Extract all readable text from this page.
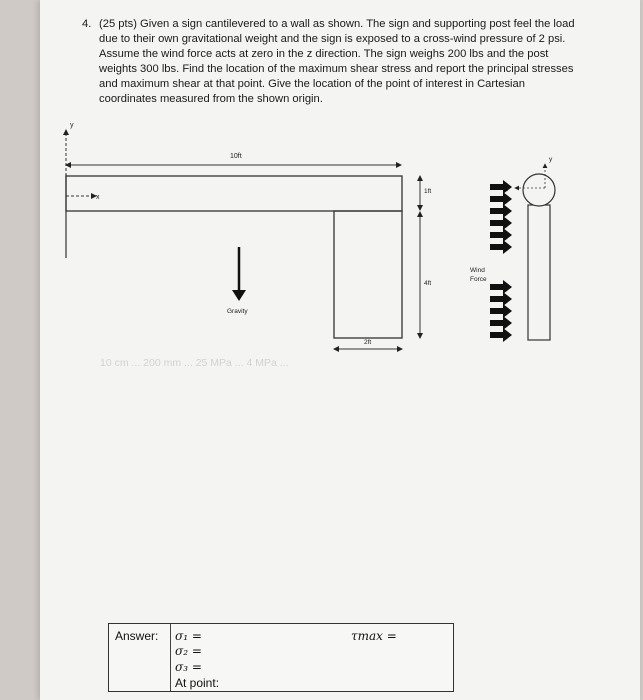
4. (25 pts) Given a sign cantilevered to a wall as shown. The sign and supporting post feel the load due to their own gravitational weight and the sign is exposed to a cross-wind pressure of 2 psi. Assume the wind force acts at zero in the z direction. The sign weighs 200 lbs and the post weights 300 lbs. Find the location of the maximum shear stress and report the principal stresses and maximum shear at that point. Give the location of the point of interest in Cartesian coordinates measured from the shown origin.
10 cm ... 200 mm ... 25 MPa ... 4 MPa ...
y
x
10ft
1ft
4ft
2ft
Gravity
y
Wind
Force
Answer: σ₁ =
σ₂ =
σ₃ =
At point:
τmax =
